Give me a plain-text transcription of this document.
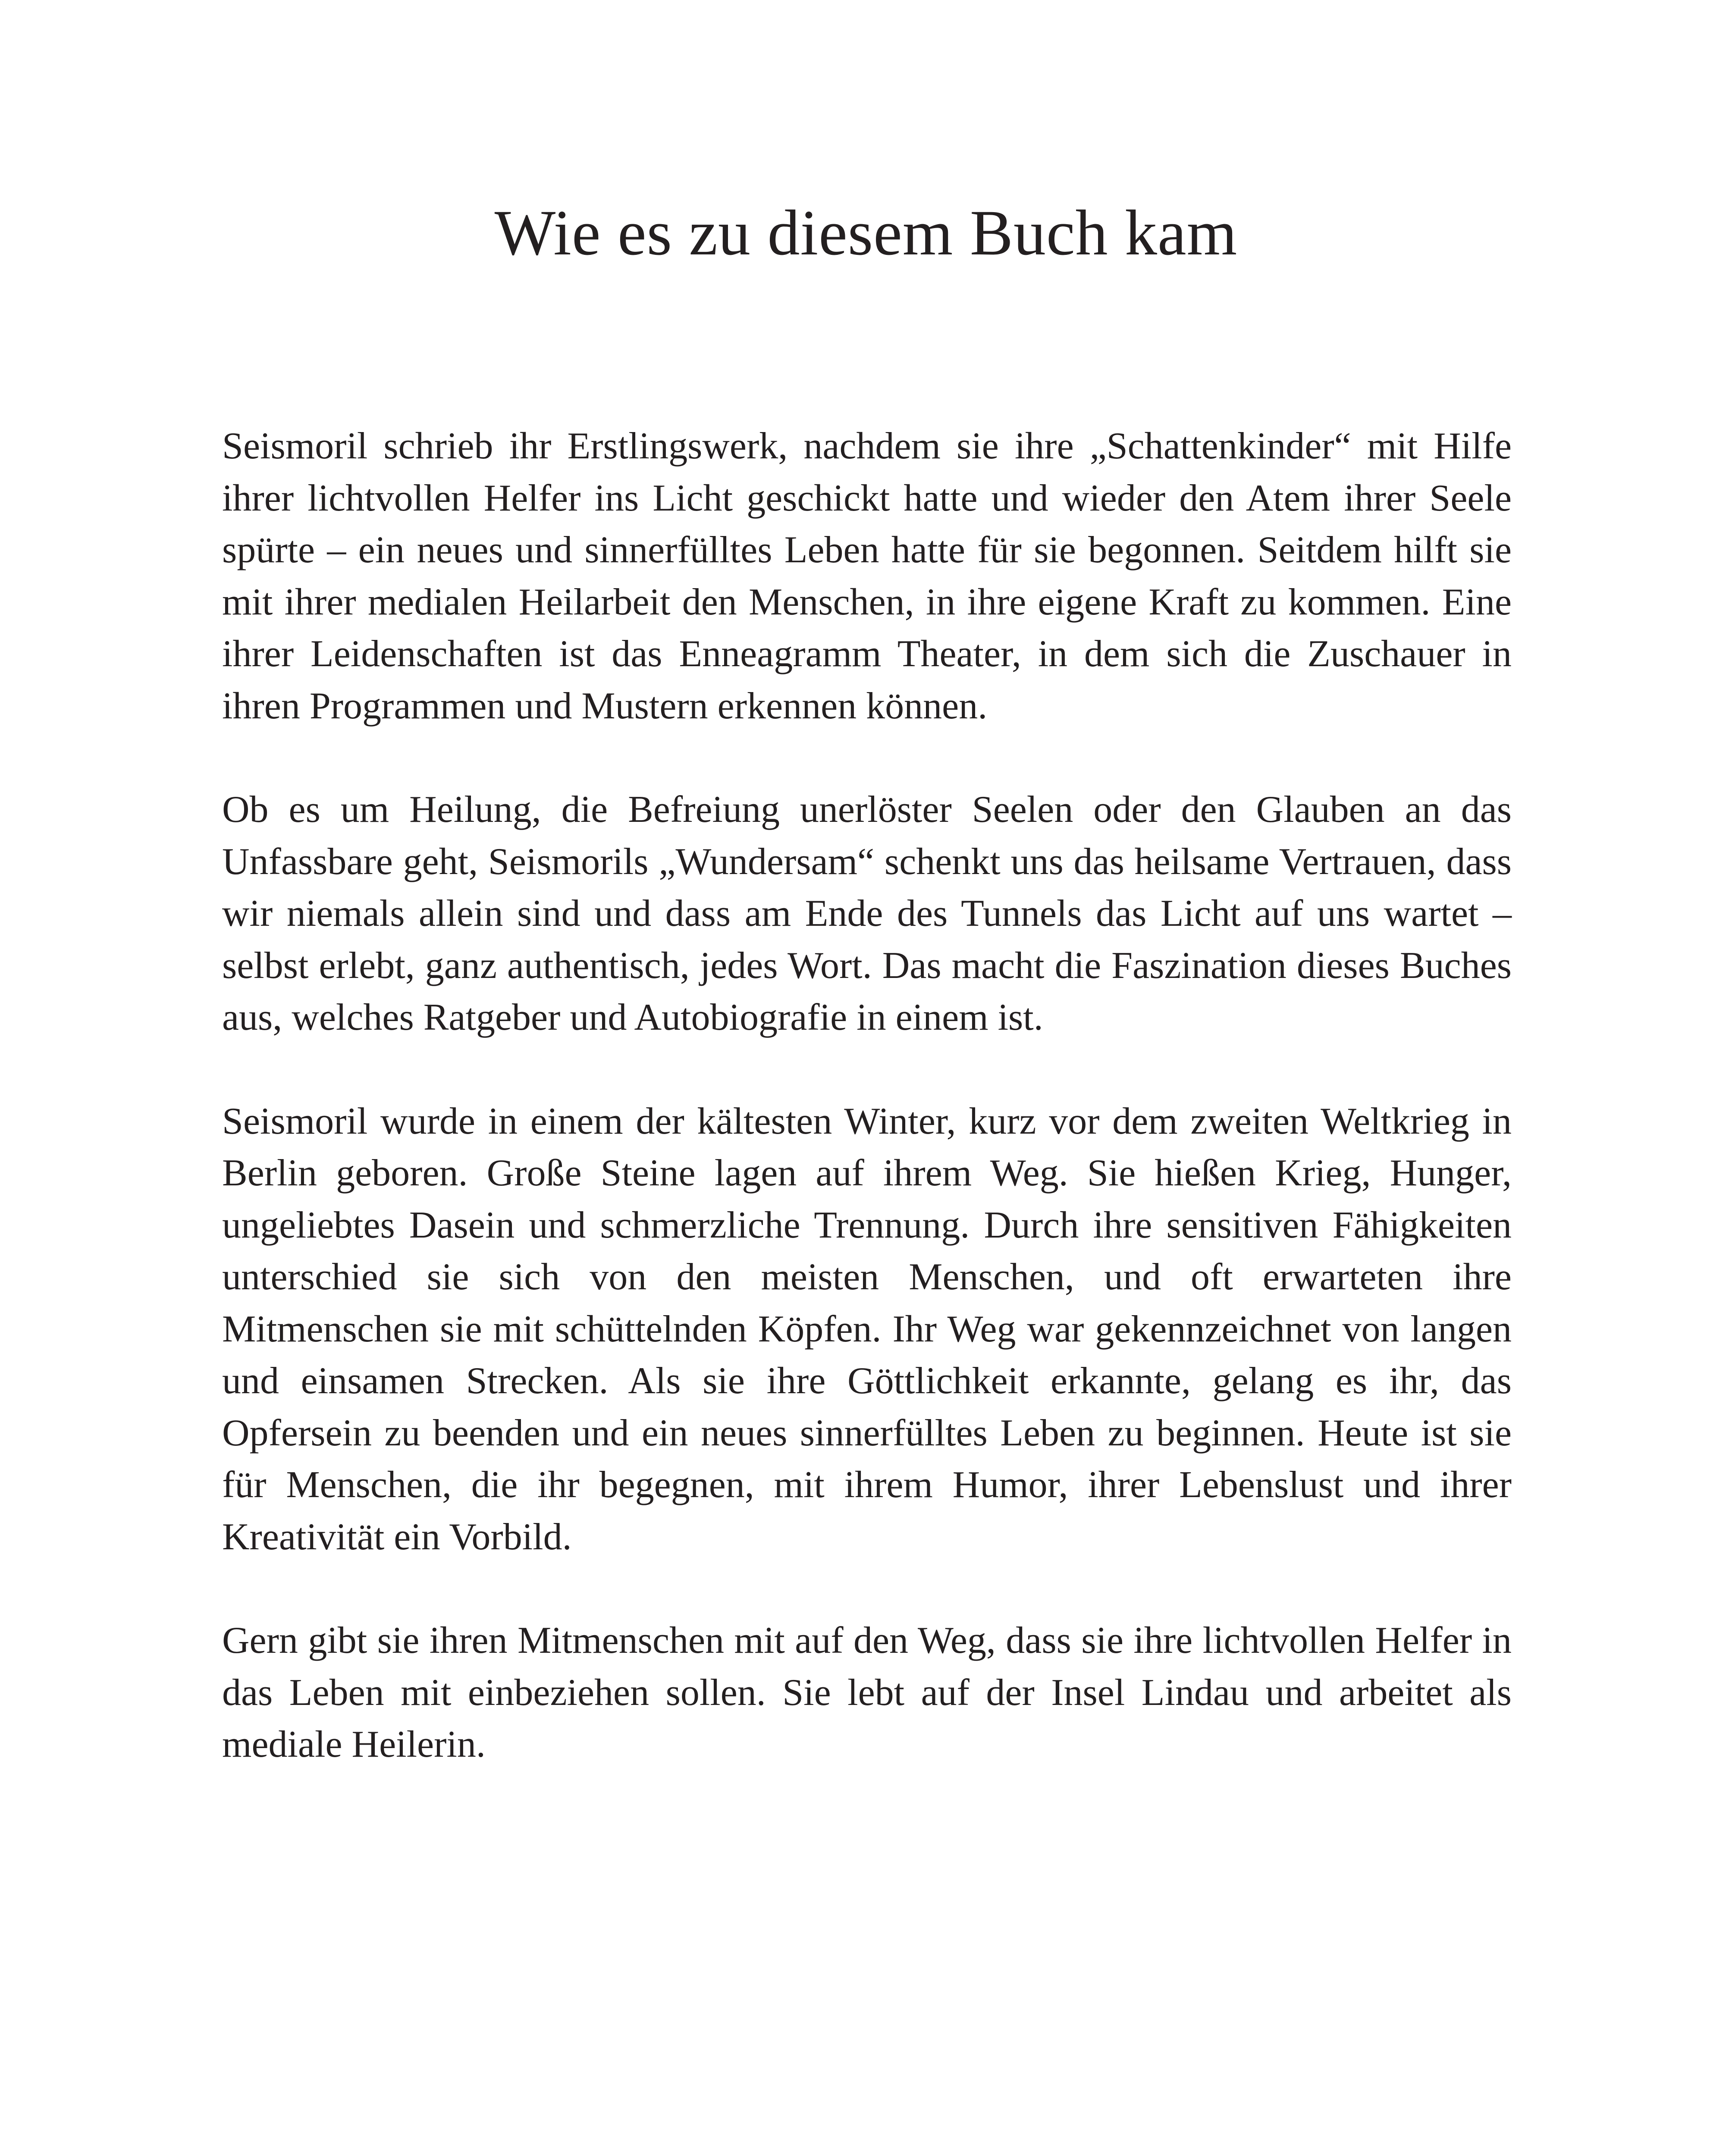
Wie es zu diesem Buch kam

Seismoril schrieb ihr Erstlingswerk, nachdem sie ihre „Schattenkinder“ mit Hilfe ihrer lichtvollen Helfer ins Licht geschickt hatte und wieder den Atem ihrer Seele spürte – ein neues und sinnerfülltes Leben hatte für sie begonnen. Seitdem hilft sie mit ihrer medialen Heilarbeit den Menschen, in ihre eigene Kraft zu kommen. Eine ihrer Leidenschaften ist das Enneagramm Theater, in dem sich die Zuschauer in ihren Programmen und Mustern erkennen können.

Ob es um Heilung, die Befreiung unerlöster Seelen oder den Glauben an das Unfassbare geht, Seismorils „Wundersam“ schenkt uns das heilsame Vertrauen, dass wir niemals allein sind und dass am Ende des Tunnels das Licht auf uns wartet – selbst erlebt, ganz authentisch, jedes Wort. Das macht die Faszination dieses Buches aus, welches Ratgeber und Autobiografie in einem ist.

Seismoril wurde in einem der kältesten Winter, kurz vor dem zweiten Weltkrieg in Berlin geboren. Große Steine lagen auf ihrem Weg. Sie hießen Krieg, Hunger, ungeliebtes Dasein und schmerzliche Trennung. Durch ihre sensitiven Fähigkeiten unterschied sie sich von den meisten Menschen, und oft erwarteten ihre Mitmenschen sie mit schüttelnden Köpfen. Ihr Weg war gekennzeichnet von langen und einsamen Strecken. Als sie ihre Göttlichkeit erkannte, gelang es ihr, das Opfersein zu beenden und ein neues sinnerfülltes Leben zu beginnen. Heute ist sie für Menschen, die ihr begegnen, mit ihrem Humor, ihrer Lebenslust und ihrer Kreativität ein Vorbild.

Gern gibt sie ihren Mitmenschen mit auf den Weg, dass sie ihre lichtvollen Helfer in das Leben mit einbeziehen sollen. Sie lebt auf der Insel Lindau und arbeitet als mediale Heilerin.
